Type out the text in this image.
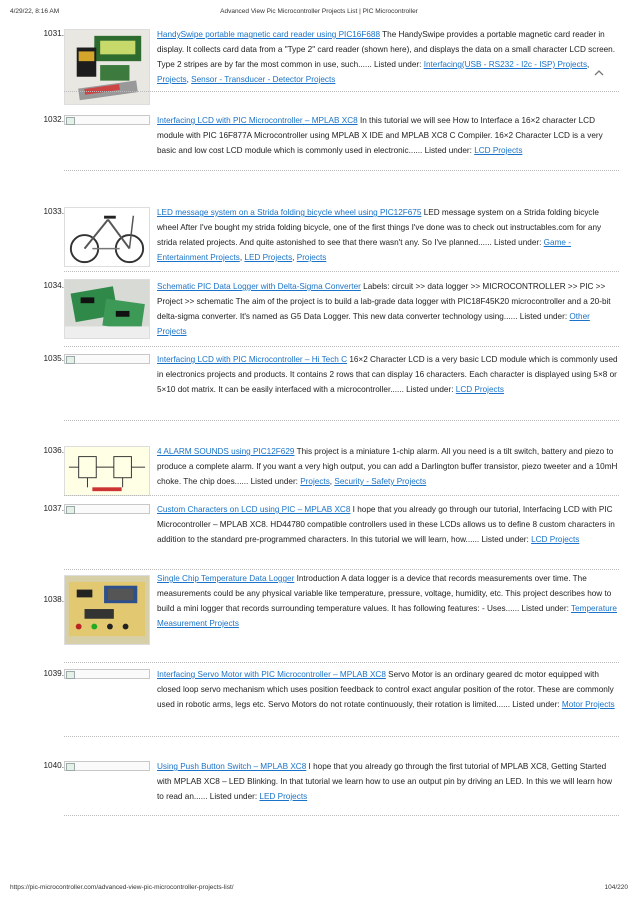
4/29/22, 8:16 AM	Advanced View Pic Microcontroller Projects List | PIC Microcontroller
1031.	HandySwipe portable magnetic card reader using PIC16F688 The HandySwipe provides a portable magnetic card reader in display. It collects card data from a "Type 2" card reader (shown here), and displays the data on a small character LCD screen. Type 2 stripes are by far the most common in use, such...... Listed under: Interfacing(USB - RS232 - I2c - ISP) Projects, Projects, Sensor - Transducer - Detector Projects
1032.	Interfacing LCD with PIC Microcontroller – MPLAB XC8 In this tutorial we will see How to Interface a 16×2 character LCD module with PIC 16F877A Microcontroller using MPLAB X IDE and MPLAB XC8 C Compiler. 16×2 Character LCD is a very basic and low cost LCD module which is commonly used in electronic...... Listed under: LCD Projects
1033.	LED message system on a Strida folding bicycle wheel using PIC12F675 LED message system on a Strida folding bicycle wheel After I've bought my strida folding bicycle, one of the first things I've done was to check out instructables.com for any strida related projects. And quite astonished to see that there wasn't any. So I've planned...... Listed under: Game - Entertainment Projects, LED Projects, Projects
1034.	Schematic PIC Data Logger with Delta-Sigma Converter Labels: circuit >> data logger >> MICROCONTROLLER >> PIC >> Project >> schematic The aim of the project is to build a lab-grade data logger with PIC18F45K20 microcontroller and a 20-bit delta-sigma converter. It's named as G5 Data Logger. This new data converter technology using...... Listed under: Other Projects
1035.	Interfacing LCD with PIC Microcontroller – Hi Tech C 16×2 Character LCD is a very basic LCD module which is commonly used in electronics projects and products. It contains 2 rows that can display 16 characters. Each character is displayed using 5×8 or 5×10 dot matrix. It can be easily interfaced with a microcontroller...... Listed under: LCD Projects
1036.	4 ALARM SOUNDS using PIC12F629 This project is a miniature 1-chip alarm. All you need is a tilt switch, battery and piezo to produce a complete alarm. If you want a very high output, you can add a Darlington buffer transistor, piezo tweeter and a 10mH choke. The chip does...... Listed under: Projects, Security - Safety Projects
1037.	Custom Characters on LCD using PIC – MPLAB XC8 I hope that you already go through our tutorial, Interfacing LCD with PIC Microcontroller – MPLAB XC8. HD44780 compatible controllers used in these LCDs allows us to define 8 custom characters in addition to the standard pre-programmed characters. In this tutorial we will learn, how...... Listed under: LCD Projects
1038.
Single Chip Temperature Data Logger Introduction A data logger is a device that records measurements over time. The measurements could be any physical variable like temperature, pressure, voltage, humidity, etc. This project describes how to build a mini logger that records surrounding temperature values. It has following features: - Uses...... Listed under: Temperature Measurement Projects
1039.	Interfacing Servo Motor with PIC Microcontroller – MPLAB XC8 Servo Motor is an ordinary geared dc motor equipped with closed loop servo mechanism which uses position feedback to control exact angular position of the rotor. These are commonly used in robotic arms, legs etc. Servo Motors do not rotate continuously, their rotation is limited...... Listed under: Motor Projects
1040.	Using Push Button Switch – MPLAB XC8 I hope that you already go through the first tutorial of MPLAB XC8, Getting Started with MPLAB XC8 – LED Blinking. In that tutorial we learn how to use an output pin by driving an LED. In this we will learn how to read an...... Listed under: LED Projects
https://pic-microcontroller.com/advanced-view-pic-microcontroller-projects-list/	104/220
